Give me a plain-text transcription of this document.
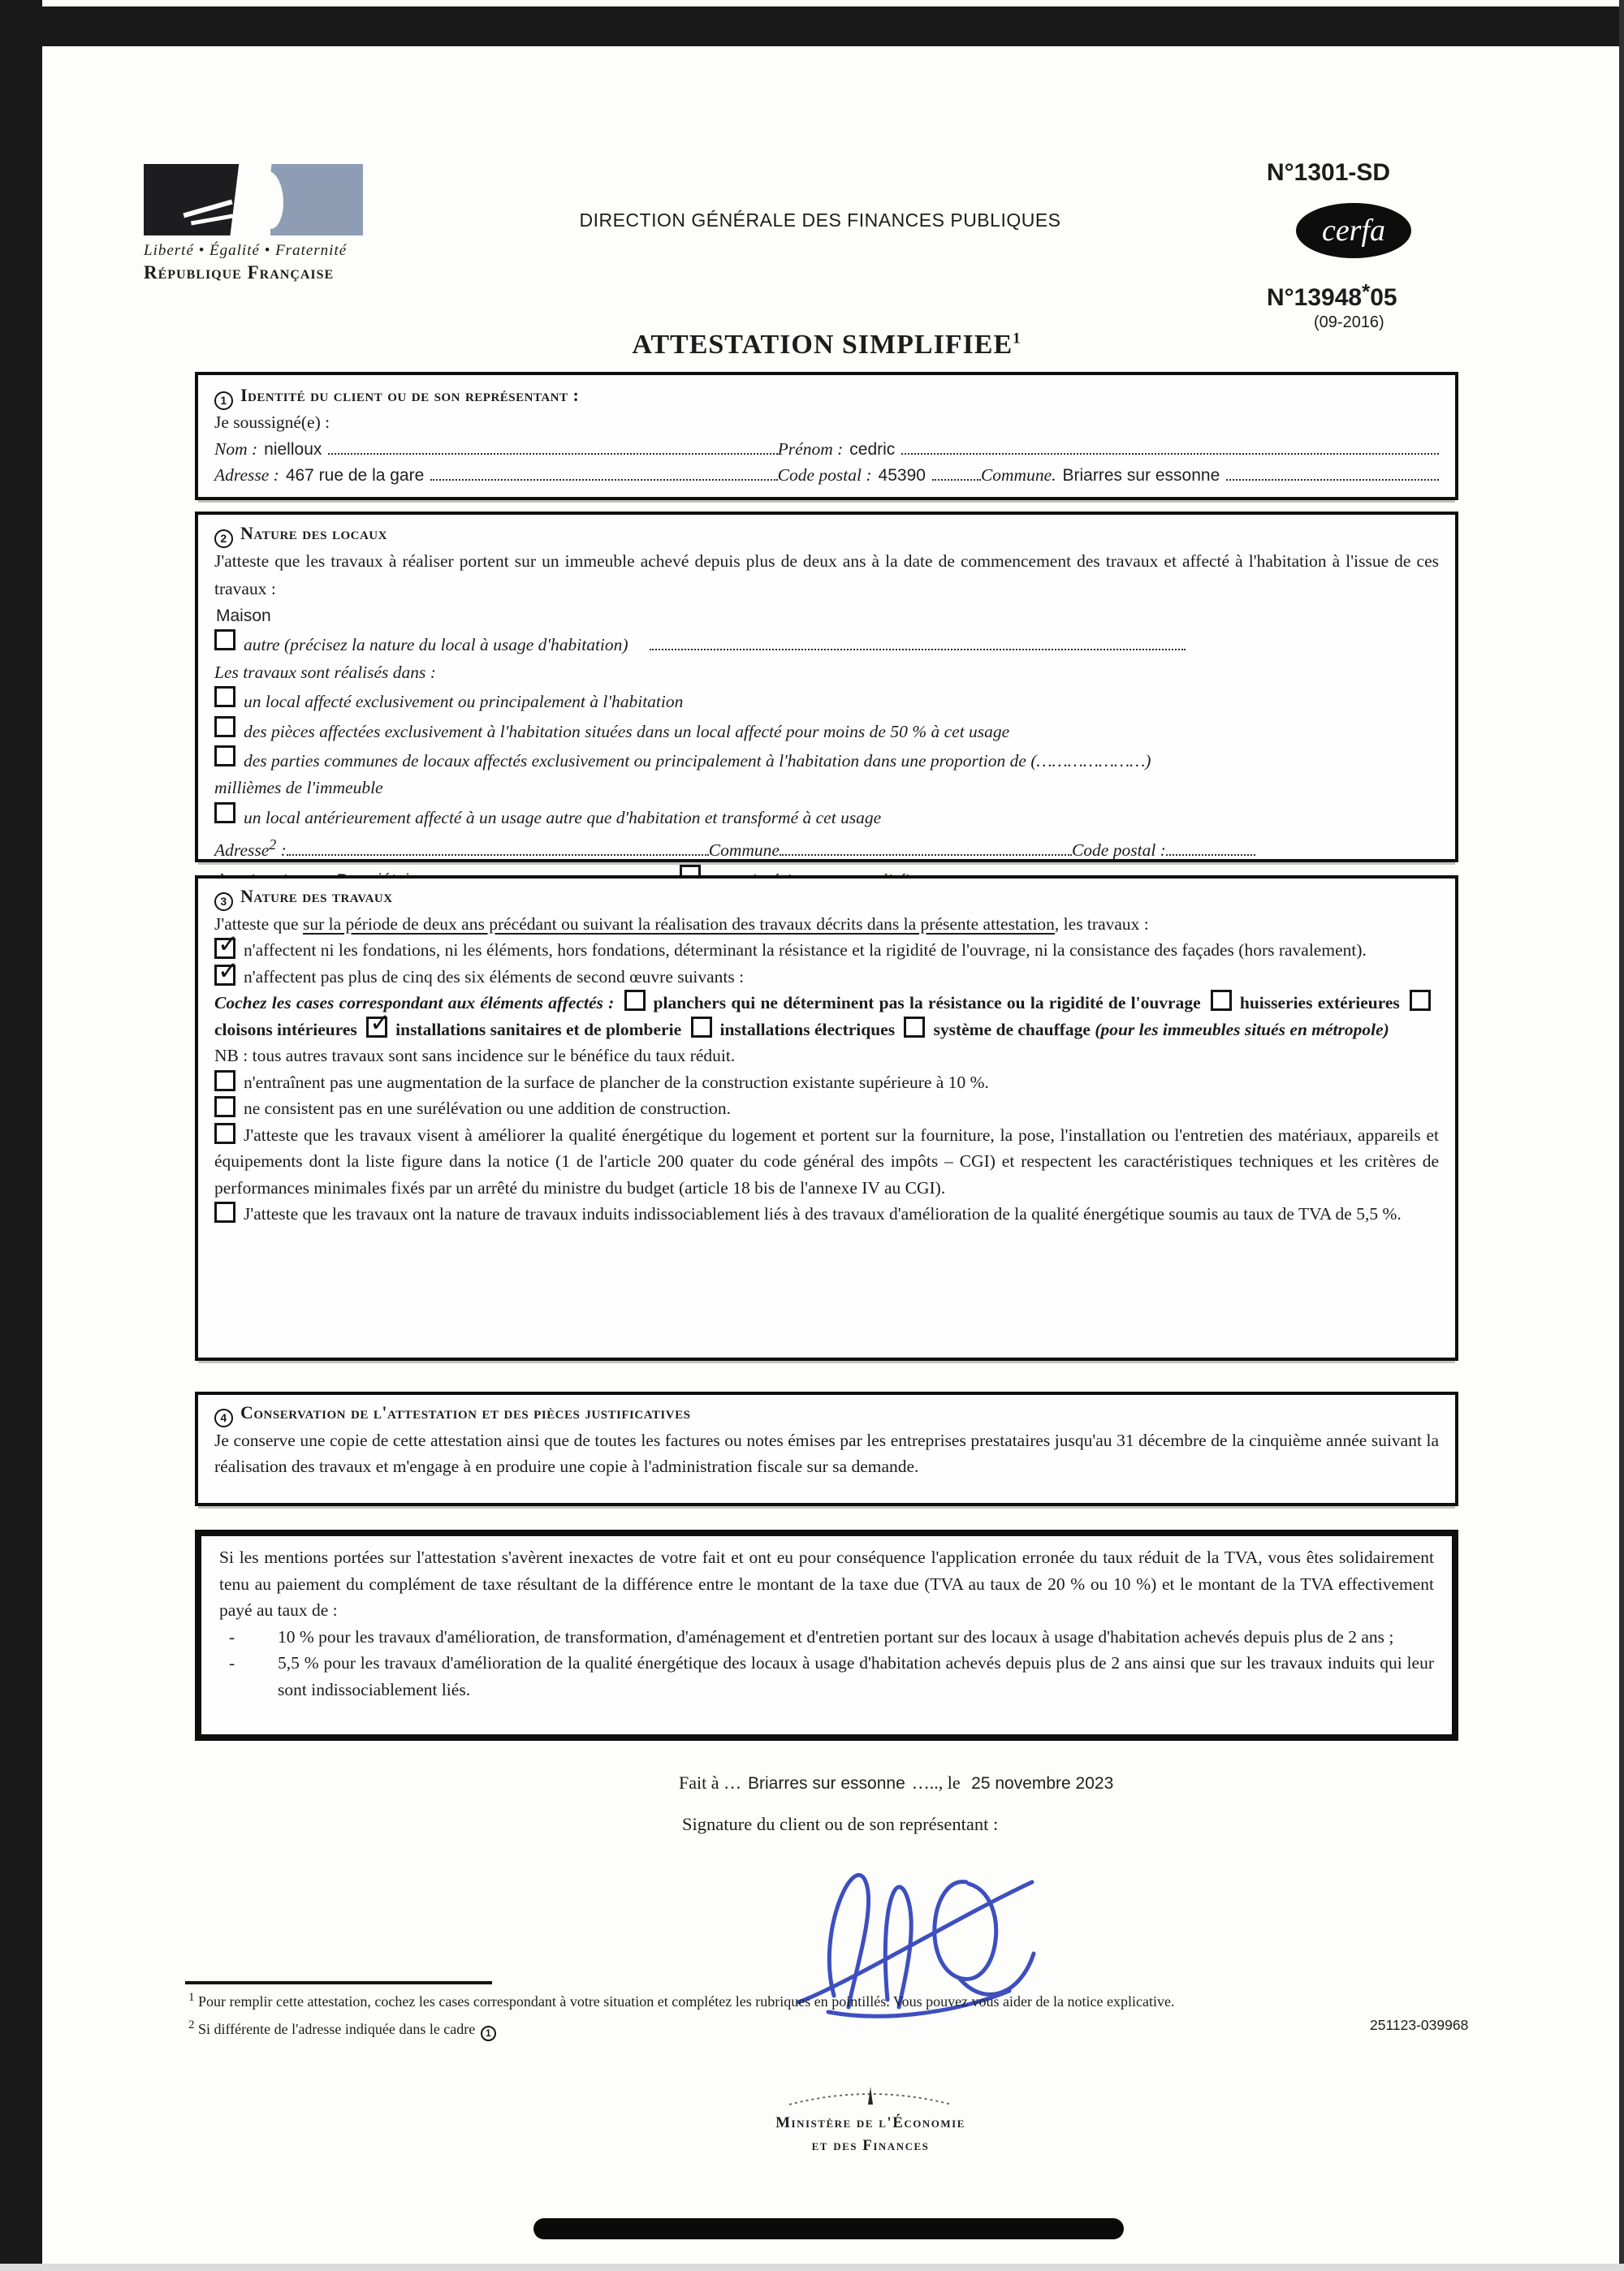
Liberté • Égalité • Fraternité
République Française
DIRECTION GÉNÉRALE DES FINANCES PUBLIQUES
N°1301-SD
cerfa
N°13948*05
(09-2016)
ATTESTATION SIMPLIFIEE$^1$
1 Identité du client ou de son représentant :
Je soussigné(e) :
Nom : nielloux	Prénom : cedric
Adresse : 467 rue de la gare	Code postal : 45390	Commune. Briarres sur essonne
2 Nature des locaux
J'atteste que les travaux à réaliser portent sur un immeuble achevé depuis plus de deux ans à la date de commencement des travaux et affecté à l'habitation à l'issue de ces travaux :
Maison
autre (précisez la nature du local à usage d'habitation)
Les travaux sont réalisés dans :
un local affecté exclusivement ou principalement à l'habitation
des pièces affectées exclusivement à l'habitation situées dans un local affecté pour moins de 50 % à cet usage
des parties communes de locaux affectés exclusivement ou principalement à l'habitation dans une proportion de (…………………)
millièmes de l'immeuble
un local antérieurement affecté à un usage autre que d'habitation et transformé à cet usage
Adresse$^2$ :	Commune	Code postal :
3 Nature des travaux
J'atteste que sur la période de deux ans précédant ou suivant la réalisation des travaux décrits dans la présente attestation, les travaux :
✓n'affectent ni les fondations, ni les éléments, hors fondations, déterminant la résistance et la rigidité de l'ouvrage, ni la consistance des façades (hors ravalement).
✓n'affectent pas plus de cinq des six éléments de second œuvre suivants :
Cochez les cases correspondant aux éléments affectés : planchers qui ne déterminent pas la résistance ou la rigidité de l'ouvrage huisseries extérieures cloisons intérieures ✓ installations sanitaires et de plomberie installations électriques système de chauffage (pour les immeubles situés en métropole)
NB : tous autres travaux sont sans incidence sur le bénéfice du taux réduit.
n'entraînent pas une augmentation de la surface de plancher de la construction existante supérieure à 10 %.
ne consistent pas en une surélévation ou une addition de construction.
J'atteste que les travaux visent à améliorer la qualité énergétique du logement et portent sur la fourniture, la pose, l'installation ou l'entretien des matériaux, appareils et équipements dont la liste figure dans la notice (1 de l'article 200 quater du code général des impôts – CGI) et respectent les caractéristiques techniques et les critères de performances minimales fixés par un arrêté du ministre du budget (article 18 bis de l'annexe IV au CGI).
J'atteste que les travaux ont la nature de travaux induits indissociablement liés à des travaux d'amélioration de la qualité énergétique soumis au taux de TVA de 5,5 %.
4 Conservation de l'attestation et des pièces justificatives
Je conserve une copie de cette attestation ainsi que de toutes les factures ou notes émises par les entreprises prestataires jusqu'au 31 décembre de la cinquième année suivant la réalisation des travaux et m'engage à en produire une copie à l'administration fiscale sur sa demande.
Si les mentions portées sur l'attestation s'avèrent inexactes de votre fait et ont eu pour conséquence l'application erronée du taux réduit de la TVA, vous êtes solidairement tenu au paiement du complément de taxe résultant de la différence entre le montant de la taxe due (TVA au taux de 20 % ou 10 %) et le montant de la TVA effectivement payé au taux de :
-	10 % pour les travaux d'amélioration, de transformation, d'aménagement et d'entretien portant sur des locaux à usage d'habitation achevés depuis plus de 2 ans ;
-	5,5 % pour les travaux d'amélioration de la qualité énergétique des locaux à usage d'habitation achevés depuis plus de 2 ans ainsi que sur les travaux induits qui leur sont indissociablement liés.
Fait à … Briarres sur essonne ….., le 25 novembre 2023
Signature du client ou de son représentant :
$^1$ Pour remplir cette attestation, cochez les cases correspondant à votre situation et complétez les rubriques en pointillés. Vous pouvez vous aider de la notice explicative.
$^2$ Si différente de l'adresse indiquée dans le cadre 1	251123-039968
Ministère de l'Économie
et des Finances
